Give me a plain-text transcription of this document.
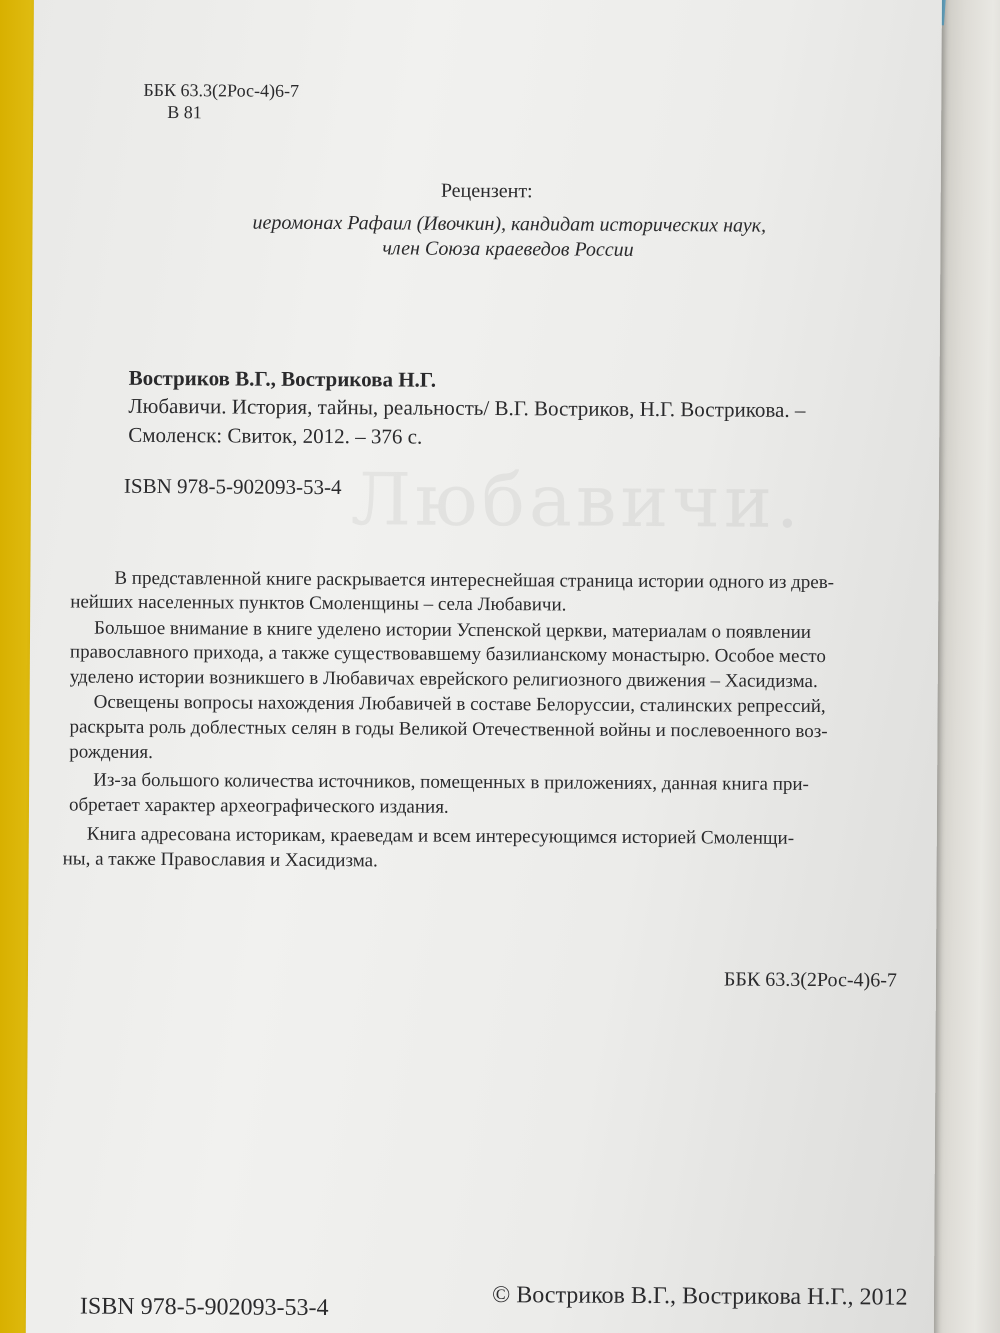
Любавичи.

ББК 63.3(2Рос-4)6-7

В 81

Рецензент:

иеромонах Рафаил (Ивочкин), кандидат исторических наук,

член Союза краеведов России

Востриков В.Г., Вострикова Н.Г.

Любавичи. История, тайны, реальность/ В.Г. Востриков, Н.Г. Вострикова. –

Смоленск: Свиток, 2012. – 376 с.

ISBN 978-5-902093-53-4

В представленной книге раскрывается интереснейшая страница истории одного из древ-

нейших населенных пунктов Смоленщины – села Любавичи.

Большое внимание в книге уделено истории Успенской церкви, материалам о появлении

православного прихода, а также существовавшему базилианскому монастырю. Особое место

уделено истории возникшего в Любавичах еврейского религиозного движения – Хасидизма.

Освещены вопросы нахождения Любавичей в составе Белоруссии, сталинских репрессий,

раскрыта роль доблестных селян в годы Великой Отечественной войны и послевоенного воз-

рождения.

Из-за большого количества источников, помещенных в приложениях, данная книга при-

обретает характер археографического издания.

Книга адресована историкам, краеведам и всем интересующимся историей Смоленщи-

ны, а также Православия и Хасидизма.

ББК 63.3(2Рос-4)6-7

ISBN 978-5-902093-53-4	© Востриков В.Г., Вострикова Н.Г., 2012
